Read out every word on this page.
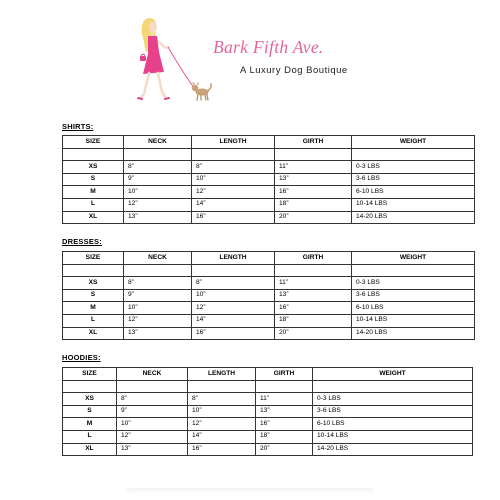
Bark Fifth Ave.
A Luxury Dog Boutique
SHIRTS:
SIZE	NECK	LENGTH	GIRTH	WEIGHT

XS	8”	8”	11”	0-3 LBS
S	9”	10”	13”	3-6 LBS
M	10”	12”	16”	6-10 LBS
L	12”	14”	18”	10-14 LBS
XL	13”	16”	20”	14-20 LBS
DRESSES:
SIZE	NECK	LENGTH	GIRTH	WEIGHT

XS	8”	8”	11”	0-3 LBS
S	9”	10”	13”	3-6 LBS
M	10”	12”	16”	6-10 LBS
L	12”	14”	18”	10-14 LBS
XL	13”	16”	20”	14-20 LBS
HOODIES:
SIZE	NECK	LENGTH	GIRTH	WEIGHT

XS	8”	8”	11”	0-3 LBS
S	9”	10”	13”	3-6 LBS
M	10”	12”	16”	6-10 LBS
L	12”	14”	18”	10-14 LBS
XL	13”	16”	20”	14-20 LBS
